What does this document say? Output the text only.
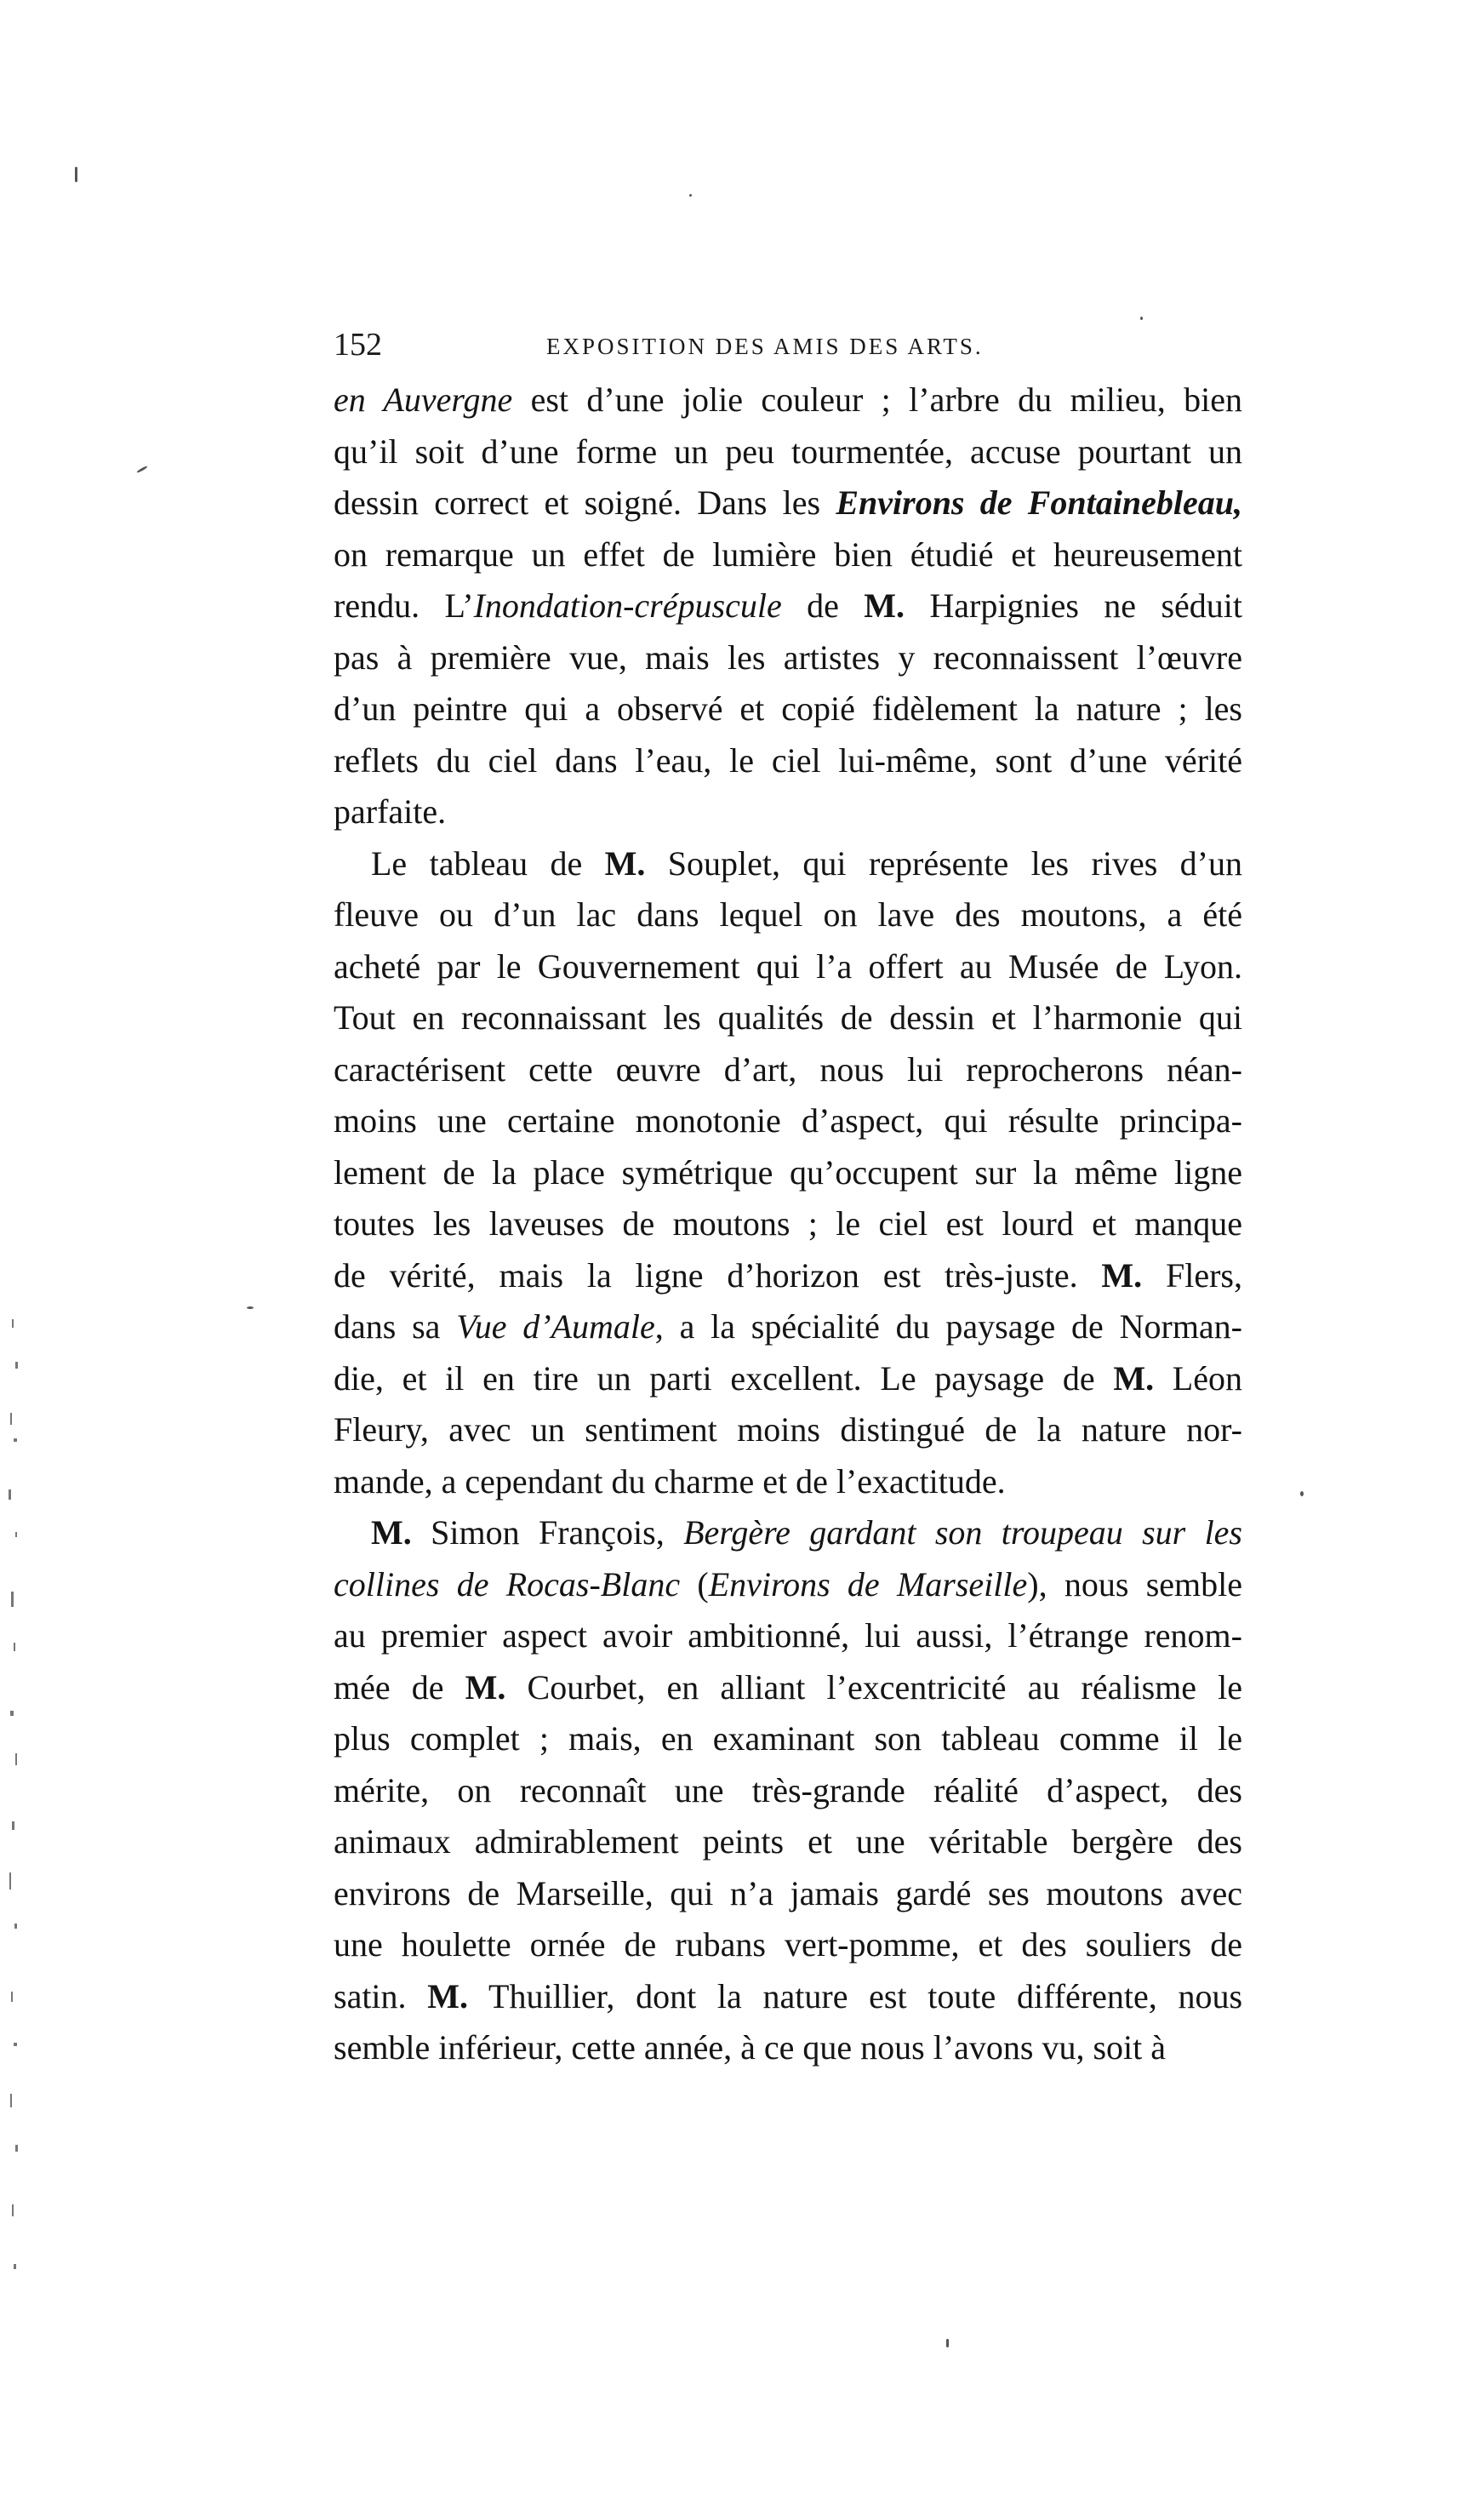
152	EXPOSITION DES AMIS DES ARTS.
en Auvergne est d’une jolie couleur ; l’arbre du milieu, bien
qu’il soit d’une forme un peu tourmentée, accuse pourtant un
dessin correct et soigné. Dans les Environs de Fontainebleau,
on remarque un effet de lumière bien étudié et heureusement
rendu. L’Inondation-crépuscule de M. Harpignies ne séduit
pas à première vue, mais les artistes y reconnaissent l’œuvre
d’un peintre qui a observé et copié fidèlement la nature ; les
reflets du ciel dans l’eau, le ciel lui-même, sont d’une vérité
parfaite.
Le tableau de M. Souplet, qui représente les rives d’un
fleuve ou d’un lac dans lequel on lave des moutons, a été
acheté par le Gouvernement qui l’a offert au Musée de Lyon.
Tout en reconnaissant les qualités de dessin et l’harmonie qui
caractérisent cette œuvre d’art, nous lui reprocherons néan-
moins une certaine monotonie d’aspect, qui résulte principa-
lement de la place symétrique qu’occupent sur la même ligne
toutes les laveuses de moutons ; le ciel est lourd et manque
de vérité, mais la ligne d’horizon est très-juste. M. Flers,
dans sa Vue d’Aumale, a la spécialité du paysage de Norman-
die, et il en tire un parti excellent. Le paysage de M. Léon
Fleury, avec un sentiment moins distingué de la nature nor-
mande, a cependant du charme et de l’exactitude.
M. Simon François, Bergère gardant son troupeau sur les
collines de Rocas-Blanc (Environs de Marseille), nous semble
au premier aspect avoir ambitionné, lui aussi, l’étrange renom-
mée de M. Courbet, en alliant l’excentricité au réalisme le
plus complet ; mais, en examinant son tableau comme il le
mérite, on reconnaît une très-grande réalité d’aspect, des
animaux admirablement peints et une véritable bergère des
environs de Marseille, qui n’a jamais gardé ses moutons avec
une houlette ornée de rubans vert-pomme, et des souliers de
satin. M. Thuillier, dont la nature est toute différente, nous
semble inférieur, cette année, à ce que nous l’avons vu, soit à
